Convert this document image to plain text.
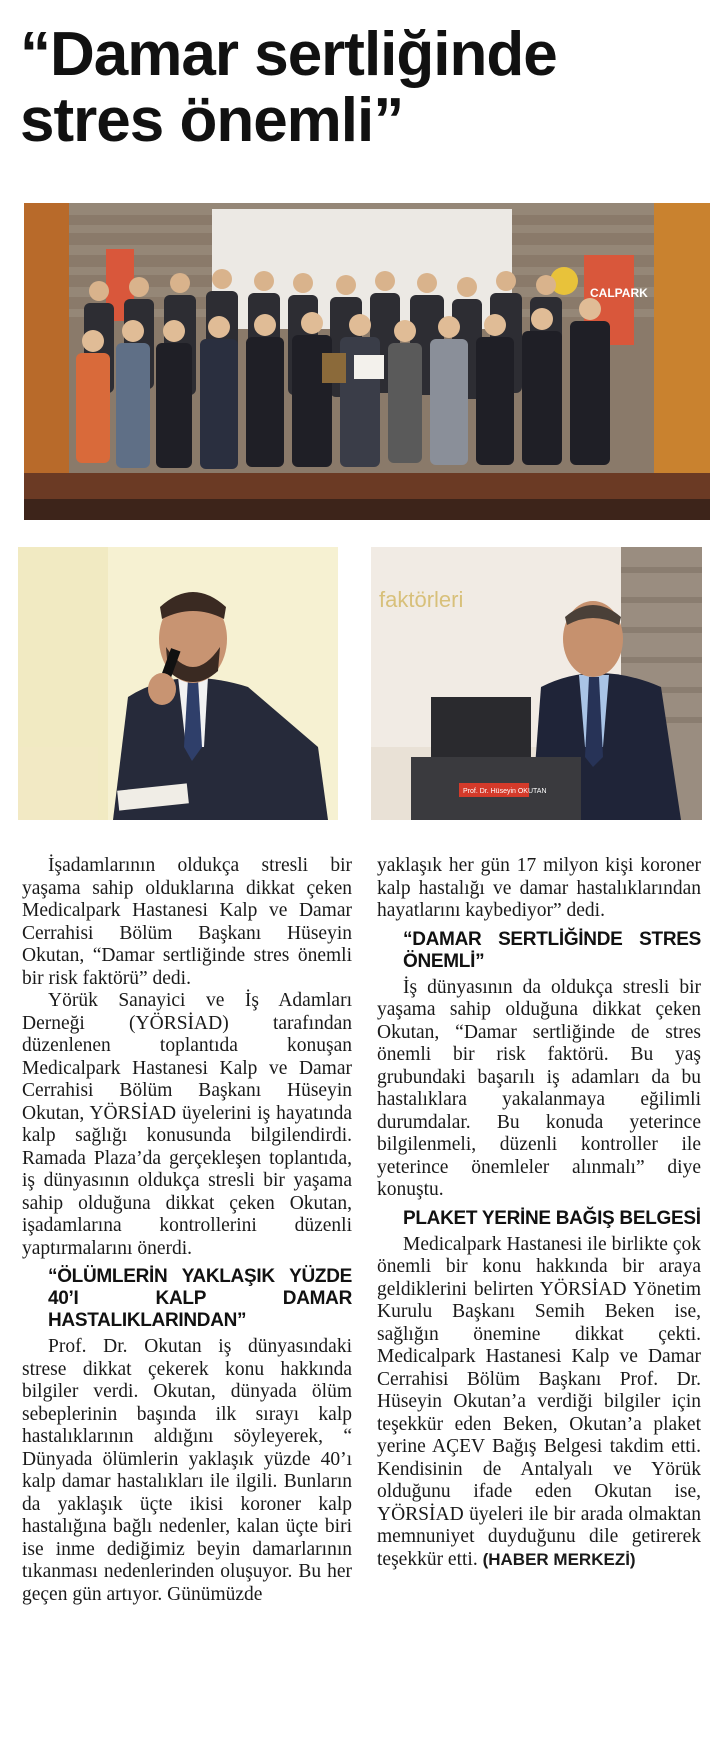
“Damar sertliğinde
stres önemli”
CALPARK
faktörleri
Prof. Dr. Hüseyin OKUTAN

İşadamlarının oldukça stresli bir yaşama sahip olduklarına dikkat çeken Medicalpark Hastanesi Kalp ve Damar Cerrahisi Bölüm Başkanı Hüseyin Okutan, “Damar sertliğinde stres önemli bir risk faktörü” dedi.

Yörük Sanayici ve İş Adamları Derneği (YÖRSİAD) tarafından düzenlenen toplantıda konuşan Medicalpark Hastanesi Kalp ve Damar Cerrahisi Bölüm Başkanı Hüseyin Okutan, YÖRSİAD üyelerini iş hayatında kalp sağlığı konusunda bilgilendirdi. Ramada Plaza’da gerçekleşen toplantıda, iş dünyasının oldukça stresli bir yaşama sahip olduğuna dikkat çeken Okutan, işadamlarına kontrollerini düzenli yaptırmalarını önerdi.

“ÖLÜMLERİN YAKLAŞIK YÜZDE 40’I KALP DAMAR HASTALIKLARINDAN”

Prof. Dr. Okutan iş dünyasındaki strese dikkat çekerek konu hakkında bilgiler verdi. Okutan, dünyada ölüm sebeplerinin başında ilk sırayı kalp hastalıklarının aldığını söyleyerek, “ Dünyada ölümlerin yaklaşık yüzde 40’ı kalp damar hastalıkları ile ilgili. Bunların da yaklaşık üçte ikisi koroner kalp hastalığına bağlı nedenler, kalan üçte biri ise inme dediğimiz beyin damarlarının tıkanması nedenlerinden oluşuyor. Bu her geçen gün artıyor. Günümüzde

yaklaşık her gün 17 milyon kişi koroner kalp hastalığı ve damar hastalıklarından hayatlarını kaybediyor” dedi.

“DAMAR SERTLİĞİNDE STRES ÖNEMLİ”

İş dünyasının da oldukça stresli bir yaşama sahip olduğuna dikkat çeken Okutan, “Damar sertliğinde de stres önemli bir risk faktörü. Bu yaş grubundaki başarılı iş adamları da bu hastalıklara yakalanmaya eğilimli durumdalar. Bu konuda yeterince bilgilenmeli, düzenli kontroller ile yeterince önemleler alınmalı” diye konuştu.

PLAKET YERİNE BAĞIŞ BELGESİ

Medicalpark Hastanesi ile birlikte çok önemli bir konu hakkında bir araya geldiklerini belirten YÖRSİAD Yönetim Kurulu Başkanı Semih Beken ise, sağlığın önemine dikkat çekti. Medicalpark Hastanesi Kalp ve Damar Cerrahisi Bölüm Başkanı Prof. Dr. Hüseyin Okutan’a verdiği bilgiler için teşekkür eden Beken, Okutan’a plaket yerine AÇEV Bağış Belgesi takdim etti. Kendisinin de Antalyalı ve Yörük olduğunu ifade eden Okutan ise, YÖRSİAD üyeleri ile bir arada olmaktan memnuniyet duyduğunu dile getirerek teşekkür etti. (HABER MERKEZİ)
